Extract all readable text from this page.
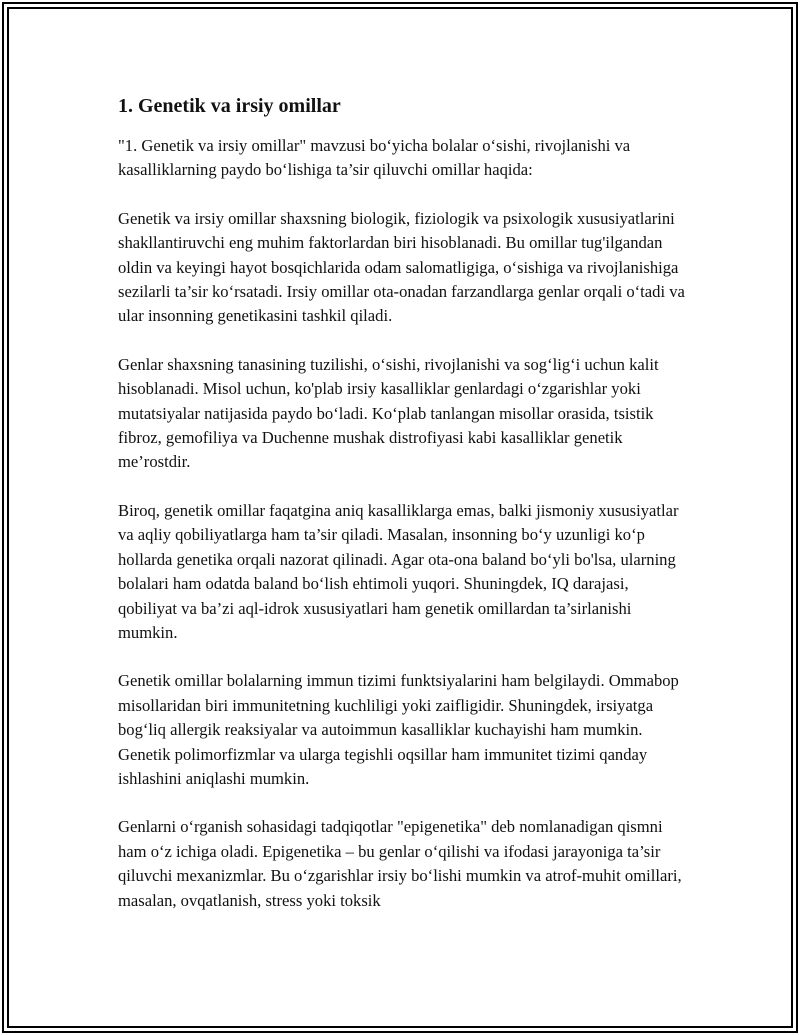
1. Genetik va irsiy omillar

"1. Genetik va irsiy omillar" mavzusi bo‘yicha bolalar o‘sishi, rivojlanishi va kasalliklarning paydo bo‘lishiga ta’sir qiluvchi omillar haqida:

Genetik va irsiy omillar shaxsning biologik, fiziologik va psixologik xususiyatlarini shakllantiruvchi eng muhim faktorlardan biri hisoblanadi. Bu omillar tug'ilgandan oldin va keyingi hayot bosqichlarida odam salomatligiga, o‘sishiga va rivojlanishiga sezilarli ta’sir ko‘rsatadi. Irsiy omillar ota-onadan farzandlarga genlar orqali o‘tadi va ular insonning genetikasini tashkil qiladi.

Genlar shaxsning tanasining tuzilishi, o‘sishi, rivojlanishi va sog‘lig‘i uchun kalit hisoblanadi. Misol uchun, ko'plab irsiy kasalliklar genlardagi o‘zgarishlar yoki mutatsiyalar natijasida paydo bo‘ladi. Ko‘plab tanlangan misollar orasida, tsistik fibroz, gemofiliya va Duchenne mushak distrofiyasi kabi kasalliklar genetik me’rostdir.

Biroq, genetik omillar faqatgina aniq kasalliklarga emas, balki jismoniy xususiyatlar va aqliy qobiliyatlarga ham ta’sir qiladi. Masalan, insonning bo‘y uzunligi ko‘p hollarda genetika orqali nazorat qilinadi. Agar ota-ona baland bo‘yli bo'lsa, ularning bolalari ham odatda baland bo‘lish ehtimoli yuqori. Shuningdek, IQ darajasi, qobiliyat va ba’zi aql-idrok xususiyatlari ham genetik omillardan ta’sirlanishi mumkin.

Genetik omillar bolalarning immun tizimi funktsiyalarini ham belgilaydi. Ommabop misollaridan biri immunitetning kuchliligi yoki zaifligidir. Shuningdek, irsiyatga bog‘liq allergik reaksiyalar va autoimmun kasalliklar kuchayishi ham mumkin. Genetik polimorfizmlar va ularga tegishli oqsillar ham immunitet tizimi qanday ishlashini aniqlashi mumkin.

Genlarni o‘rganish sohasidagi tadqiqotlar "epigenetika" deb nomlanadigan qismni ham o‘z ichiga oladi. Epigenetika – bu genlar o‘qilishi va ifodasi jarayoniga ta’sir qiluvchi mexanizmlar. Bu o‘zgarishlar irsiy bo‘lishi mumkin va atrof-muhit omillari, masalan, ovqatlanish, stress yoki toksik
